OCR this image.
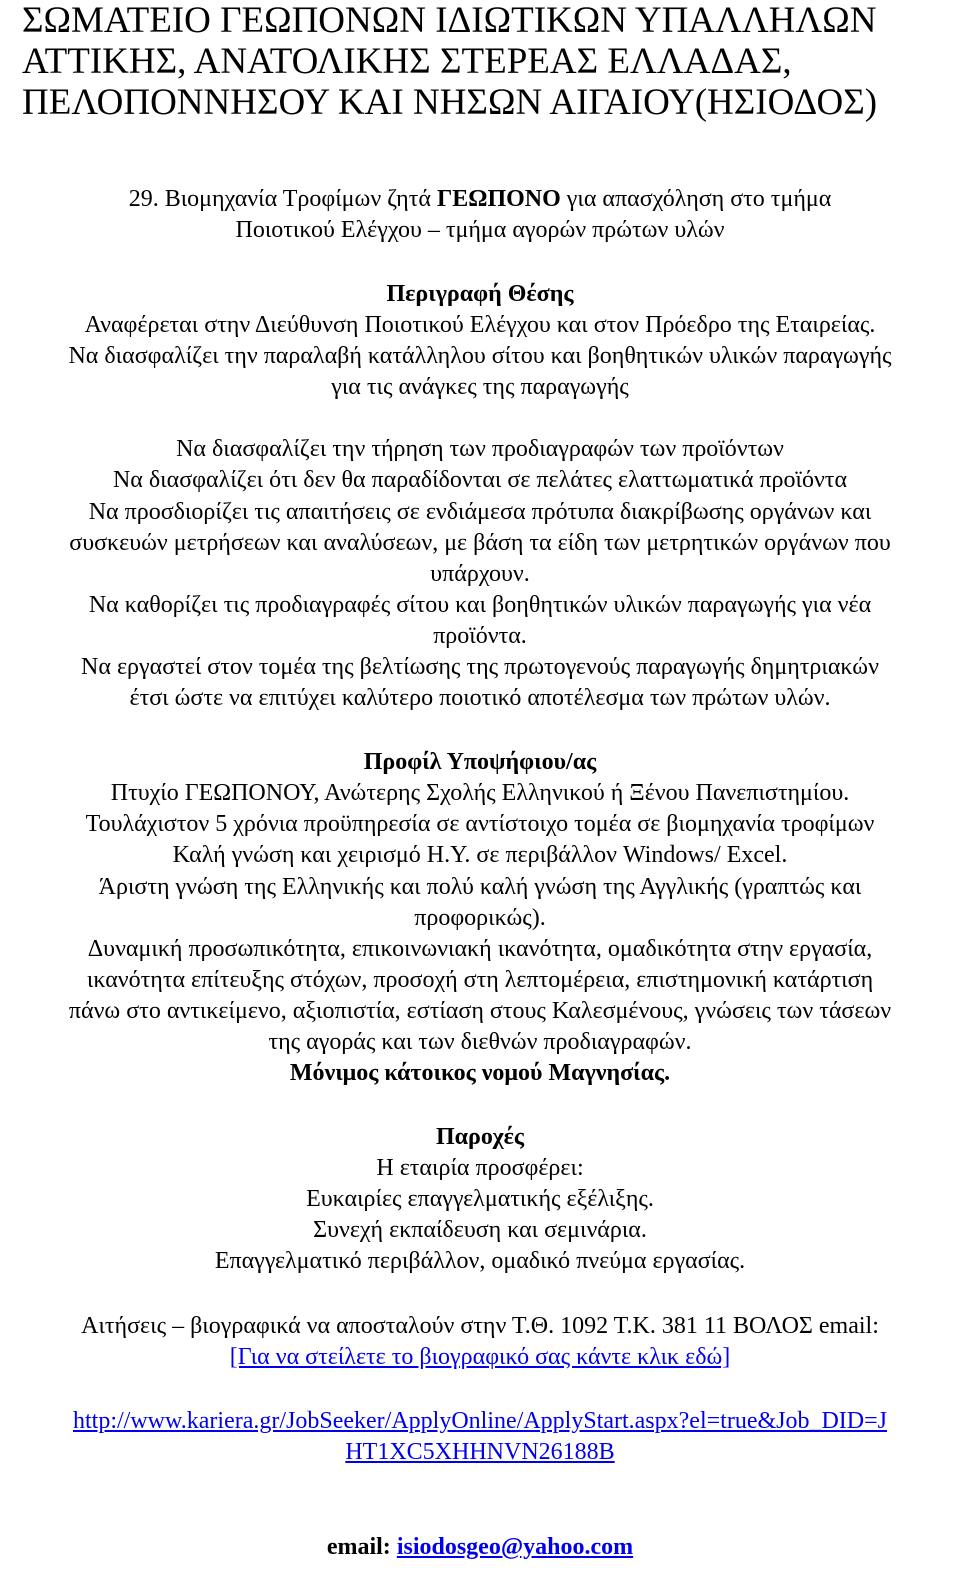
ΣΩΜΑΤΕΙΟ ΓΕΩΠΟΝΩΝ ΙΔΙΩΤΙΚΩΝ ΥΠΑΛΛΗΛΩΝ
ΑΤΤΙΚΗΣ, ΑΝΑΤΟΛΙΚΗΣ ΣΤΕΡΕΑΣ ΕΛΛΑΔΑΣ,
ΠΕΛΟΠΟΝΝΗΣΟΥ ΚΑΙ ΝΗΣΩΝ ΑΙΓΑΙΟΥ(ΗΣΙΟΔΟΣ)
29. Βιομηχανία Τροφίμων ζητά ΓΕΩΠΟΝΟ για απασχόληση στο τμήμα
Ποιοτικού Ελέγχου – τμήμα αγορών πρώτων υλών
Περιγραφή Θέσης
Αναφέρεται στην Διεύθυνση Ποιοτικού Ελέγχου και στον Πρόεδρο της Εταιρείας.
Να διασφαλίζει την παραλαβή κατάλληλου σίτου και βοηθητικών υλικών παραγωγής
για τις ανάγκες της παραγωγής
Να διασφαλίζει την τήρηση των προδιαγραφών των προϊόντων
Να διασφαλίζει ότι δεν θα παραδίδονται σε πελάτες ελαττωματικά προϊόντα
Να προσδιορίζει τις απαιτήσεις σε ενδιάμεσα πρότυπα διακρίβωσης οργάνων και
συσκευών μετρήσεων και αναλύσεων, με βάση τα είδη των μετρητικών οργάνων που
υπάρχουν.
Να καθορίζει τις προδιαγραφές σίτου και βοηθητικών υλικών παραγωγής για νέα
προϊόντα.
Να εργαστεί στον τομέα της βελτίωσης της πρωτογενούς παραγωγής δημητριακών
έτσι ώστε να επιτύχει καλύτερο ποιοτικό αποτέλεσμα των πρώτων υλών.
Προφίλ Υποψήφιου/ας
Πτυχίο ΓΕΩΠΟΝΟΥ, Ανώτερης Σχολής Ελληνικού ή Ξένου Πανεπιστημίου.
Τουλάχιστον 5 χρόνια προϋπηρεσία σε αντίστοιχο τομέα σε βιομηχανία τροφίμων
Καλή γνώση και χειρισμό Η.Υ. σε περιβάλλον Windows/ Excel.
Άριστη γνώση της Ελληνικής και πολύ καλή γνώση της Αγγλικής (γραπτώς και
προφορικώς).
Δυναμική προσωπικότητα, επικοινωνιακή ικανότητα, ομαδικότητα στην εργασία,
ικανότητα επίτευξης στόχων, προσοχή στη λεπτομέρεια, επιστημονική κατάρτιση
πάνω στο αντικείμενο, αξιοπιστία, εστίαση στους Καλεσμένους, γνώσεις των τάσεων
της αγοράς και των διεθνών προδιαγραφών.
Μόνιμος κάτοικος νομού Μαγνησίας.
Παροχές
Η εταιρία προσφέρει:
Ευκαιρίες επαγγελματικής εξέλιξης.
Συνεχή εκπαίδευση και σεμινάρια.
Επαγγελματικό περιβάλλον, ομαδικό πνεύμα εργασίας.
Αιτήσεις – βιογραφικά να αποσταλούν στην Τ.Θ. 1092 Τ.Κ. 381 11 ΒΟΛΟΣ email:
[Για να στείλετε το βιογραφικό σας κάντε κλικ εδώ]
http://www.kariera.gr/JobSeeker/ApplyOnline/ApplyStart.aspx?el=true&Job_DID=J
HT1XC5XHHNVN26188B
email: isiodosgeo@yahoo.com
